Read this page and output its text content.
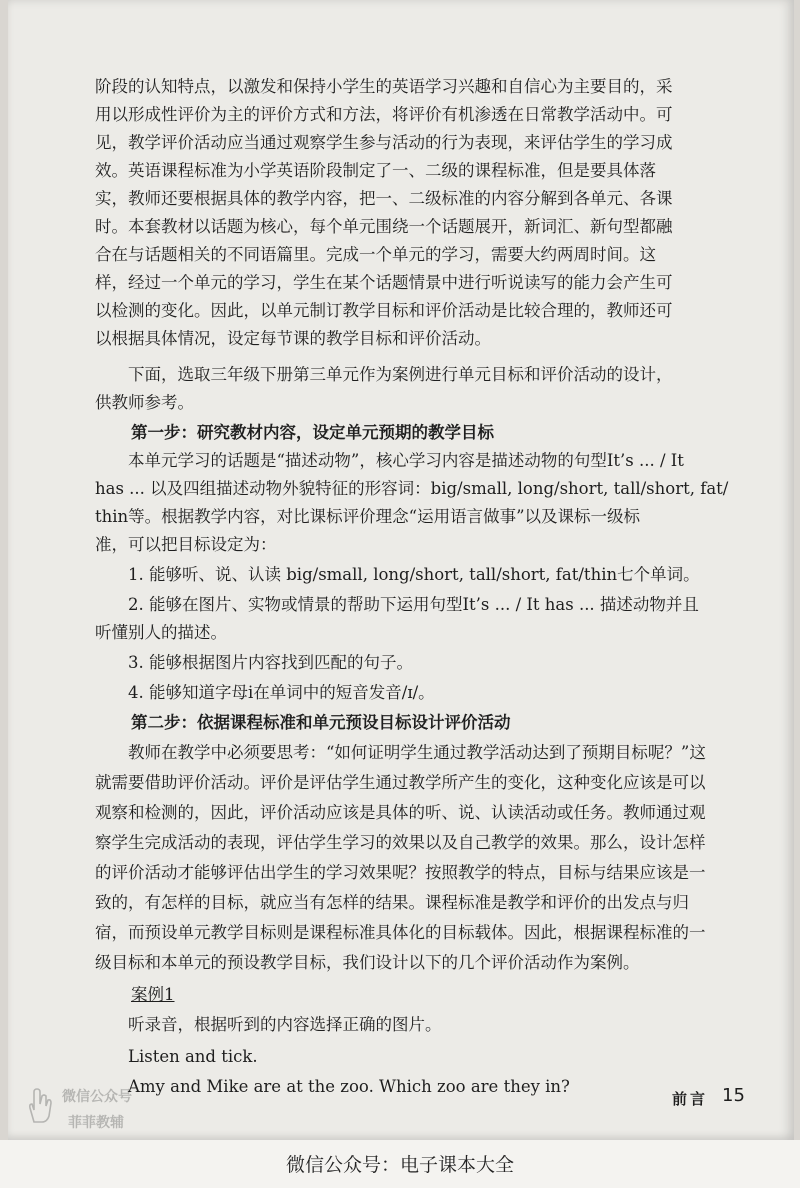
阶段的认知特点，以激发和保持小学生的英语学习兴趣和自信心为主要目的，采
用以形成性评价为主的评价方式和方法，将评价有机渗透在日常教学活动中。可
见，教学评价活动应当通过观察学生参与活动的行为表现，来评估学生的学习成
效。英语课程标准为小学英语阶段制定了一、二级的课程标准，但是要具体落
实，教师还要根据具体的教学内容，把一、二级标准的内容分解到各单元、各课
时。本套教材以话题为核心，每个单元围绕一个话题展开，新词汇、新句型都融
合在与话题相关的不同语篇里。完成一个单元的学习，需要大约两周时间。这
样，经过一个单元的学习，学生在某个话题情景中进行听说读写的能力会产生可
以检测的变化。因此，以单元制订教学目标和评价活动是比较合理的，教师还可
以根据具体情况，设定每节课的教学目标和评价活动。
下面，选取三年级下册第三单元作为案例进行单元目标和评价活动的设计，
供教师参考。
第一步：研究教材内容，设定单元预期的教学目标
本单元学习的话题是“描述动物”，核心学习内容是描述动物的句型It’s ... / It
has ... 以及四组描述动物外貌特征的形容词：big/small, long/short, tall/short, fat/
thin等。根据教学内容，对比课标评价理念“运用语言做事”以及课标一级标
准，可以把目标设定为：
1. 能够听、说、认读 big/small, long/short, tall/short, fat/thin七个单词。
2. 能够在图片、实物或情景的帮助下运用句型It’s ... / It has ... 描述动物并且
听懂别人的描述。
3. 能够根据图片内容找到匹配的句子。
4. 能够知道字母i在单词中的短音发音/ɪ/。
第二步：依据课程标准和单元预设目标设计评价活动
教师在教学中必须要思考：“如何证明学生通过教学活动达到了预期目标呢？”这
就需要借助评价活动。评价是评估学生通过教学所产生的变化，这种变化应该是可以
观察和检测的，因此，评价活动应该是具体的听、说、认读活动或任务。教师通过观
察学生完成活动的表现，评估学生学习的效果以及自己教学的效果。那么，设计怎样
的评价活动才能够评估出学生的学习效果呢？按照教学的特点，目标与结果应该是一
致的，有怎样的目标，就应当有怎样的结果。课程标准是教学和评价的出发点与归
宿，而预设单元教学目标则是课程标准具体化的目标载体。因此，根据课程标准的一
级目标和本单元的预设教学目标，我们设计以下的几个评价活动作为案例。
案例1
听录音，根据听到的内容选择正确的图片。
Listen and tick.
Amy and Mike are at the zoo. Which zoo are they in?
前言 15
微信公众号
菲菲教辅
微信公众号：电子课本大全
